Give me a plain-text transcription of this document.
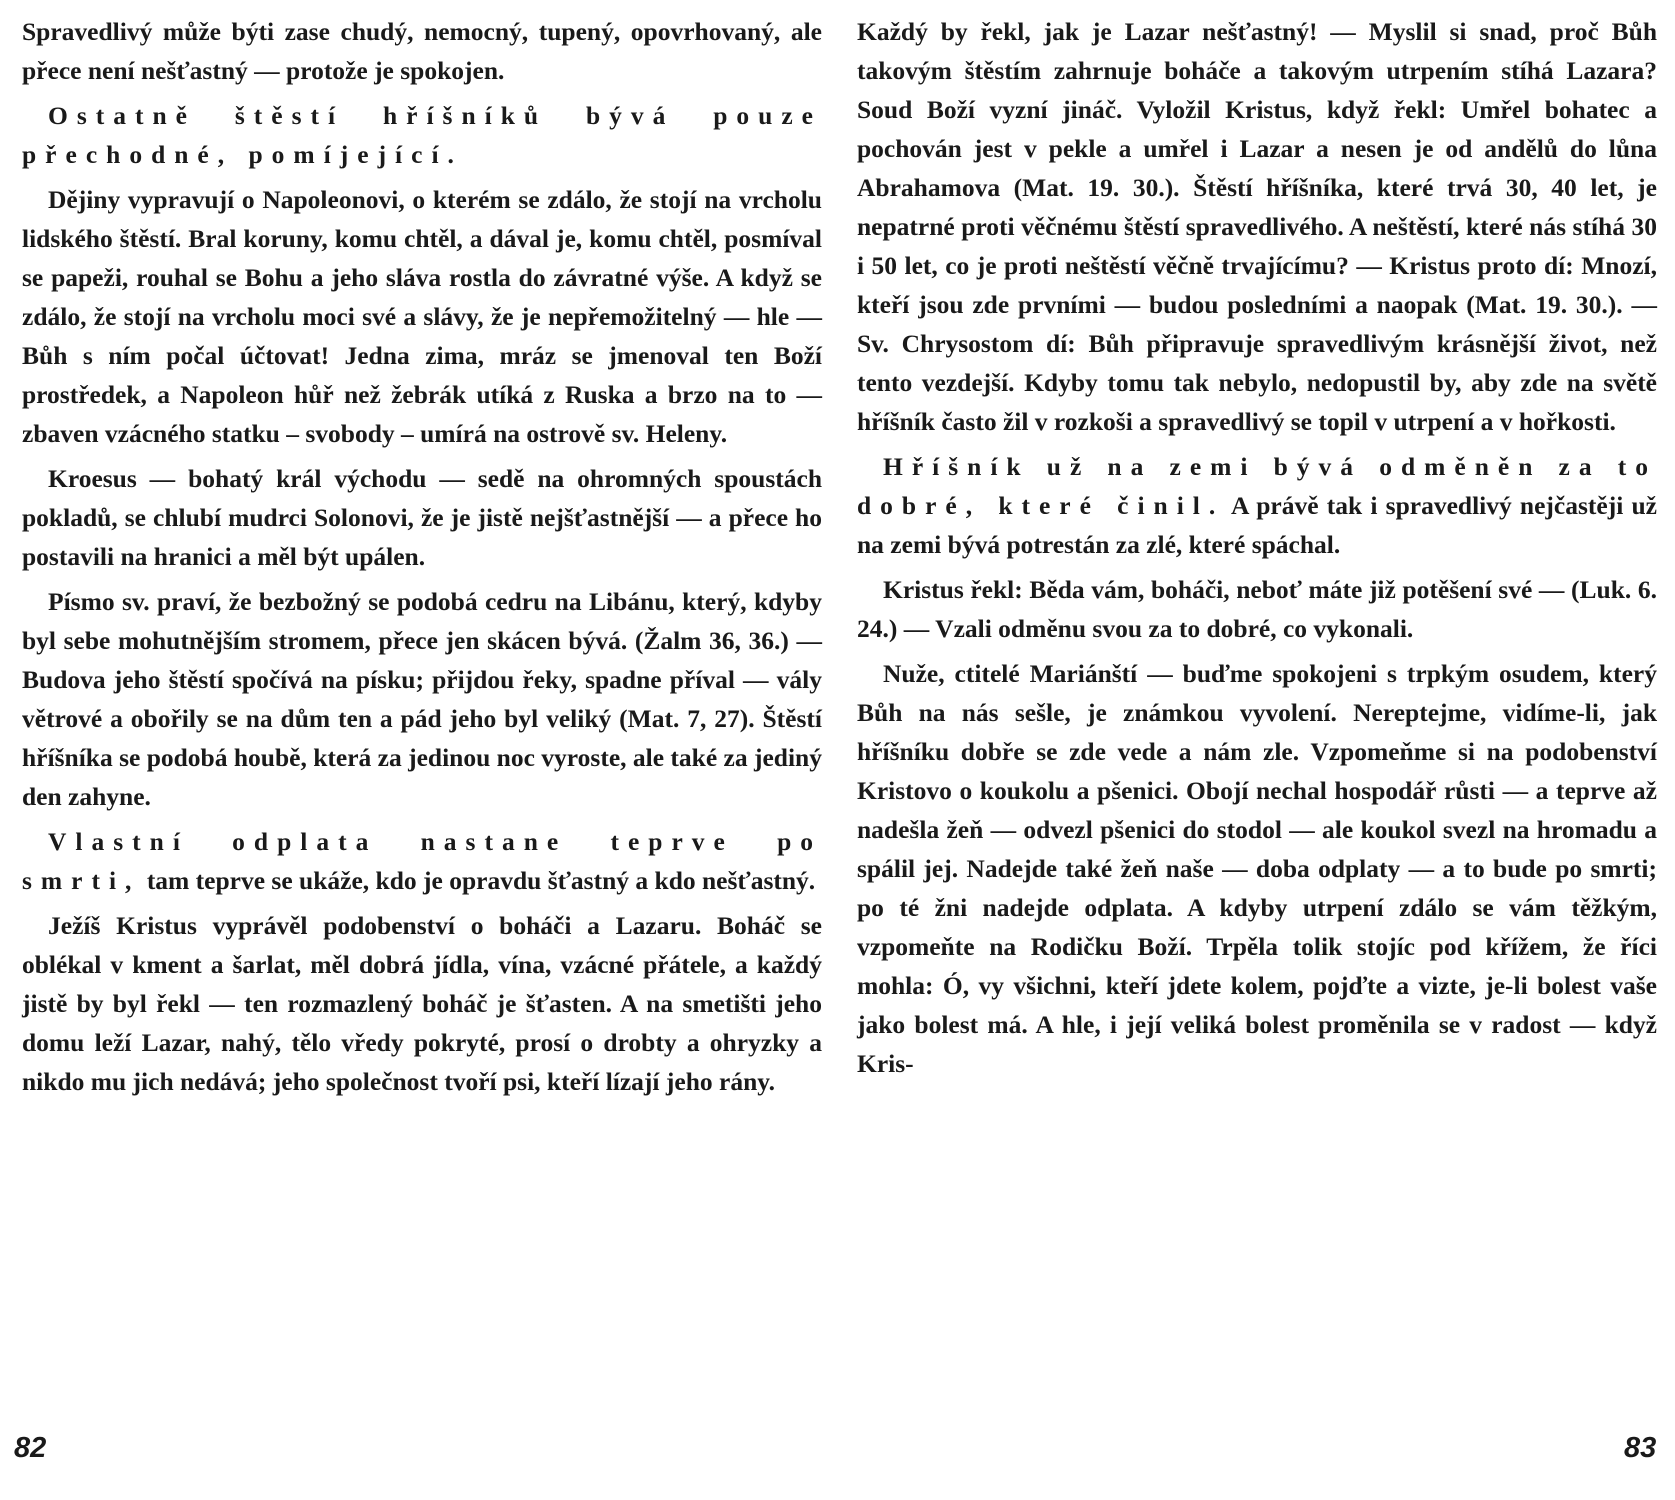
Spravedlivý může býti zase chudý, nemocný, tupený, opovrhovaný, ale přece není nešťastný — protože je spokojen.

Ostatně štěstí hříšníků bývá pouze přechodné, pomíjející.

Dějiny vypravují o Napoleonovi, o kterém se zdálo, že stojí na vrcholu lidského štěstí. Bral koruny, komu chtěl, a dával je, komu chtěl, posmíval se papeži, rouhal se Bohu a jeho sláva rostla do závratné výše. A když se zdálo, že stojí na vrcholu moci své a slávy, že je nepřemožitelný — hle — Bůh s ním počal účtovat! Jedna zima, mráz se jmenoval ten Boží prostředek, a Napoleon hůř než žebrák utíká z Ruska a brzo na to — zbaven vzácného statku – svobody – umírá na ostrově sv. Heleny.

Kroesus — bohatý král východu — sedě na ohromných spoustách pokladů, se chlubí mudrci Solonovi, že je jistě nejšťastnější — a přece ho postavili na hranici a měl být upálen.

Písmo sv. praví, že bezbožný se podobá cedru na Libánu, který, kdyby byl sebe mohutnějším stromem, přece jen skácen bývá. (Žalm 36, 36.) — Budova jeho štěstí spočívá na písku; přijdou řeky, spadne příval — vály větrové a obořily se na dům ten a pád jeho byl veliký (Mat. 7, 27). Štěstí hříšníka se podobá houbě, která za jedinou noc vyroste, ale také za jediný den zahyne.

Vlastní odplata nastane teprve po smrti, tam teprve se ukáže, kdo je opravdu šťastný a kdo nešťastný.

Ježíš Kristus vyprávěl podobenství o boháči a Lazaru. Boháč se oblékal v kment a šarlat, měl dobrá jídla, vína, vzácné přátele, a každý jistě by byl řekl — ten rozmazlený boháč je šťasten. A na smetišti jeho domu leží Lazar, nahý, tělo vředy pokryté, prosí o drobty a ohryzky a nikdo mu jich nedává; jeho společnost tvoří psi, kteří lízají jeho rány.

Každý by řekl, jak je Lazar nešťastný! — Myslil si snad, proč Bůh takovým štěstím zahrnuje boháče a takovým utrpením stíhá Lazara? Soud Boží vyzní jináč. Vyložil Kristus, když řekl: Umřel bohatec a pochován jest v pekle a umřel i Lazar a nesen je od andělů do lůna Abrahamova (Mat. 19. 30.). Štěstí hříšníka, které trvá 30, 40 let, je nepatrné proti věčnému štěstí spravedlivého. A neštěstí, které nás stíhá 30 i 50 let, co je proti neštěstí věčně trvajícímu? — Kristus proto dí: Mnozí, kteří jsou zde prvními — budou posledními a naopak (Mat. 19. 30.). — Sv. Chrysostom dí: Bůh připravuje spravedlivým krásnější život, než tento vezdejší. Kdyby tomu tak nebylo, nedopustil by, aby zde na světě hříšník často žil v rozkoši a spravedlivý se topil v utrpení a v hořkosti.

Hříšník už na zemi bývá odměněn za to dobré, které činil. A právě tak i spravedlivý nejčastěji už na zemi bývá potrestán za zlé, které spáchal.

Kristus řekl: Běda vám, boháči, neboť máte již potěšení své — (Luk. 6. 24.) — Vzali odměnu svou za to dobré, co vykonali.

Nuže, ctitelé Mariánští — buďme spokojeni s trpkým osudem, který Bůh na nás sešle, je známkou vyvolení. Nereptejme, vidíme-li, jak hříšníku dobře se zde vede a nám zle. Vzpomeňme si na podobenství Kristovo o koukolu a pšenici. Obojí nechal hospodář růsti — a teprve až nadešla žeň — odvezl pšenici do stodol — ale koukol svezl na hromadu a spálil jej. Nadejde také žeň naše — doba odplaty — a to bude po smrti; po té žni nadejde odplata. A kdyby utrpení zdálo se vám těžkým, vzpomeňte na Rodičku Boží. Trpěla tolik stojíc pod křížem, že říci mohla: Ó, vy všichni, kteří jdete kolem, pojďte a vizte, je-li bolest vaše jako bolest má. A hle, i její veliká bolest proměnila se v radost — když Kris-

82	83
